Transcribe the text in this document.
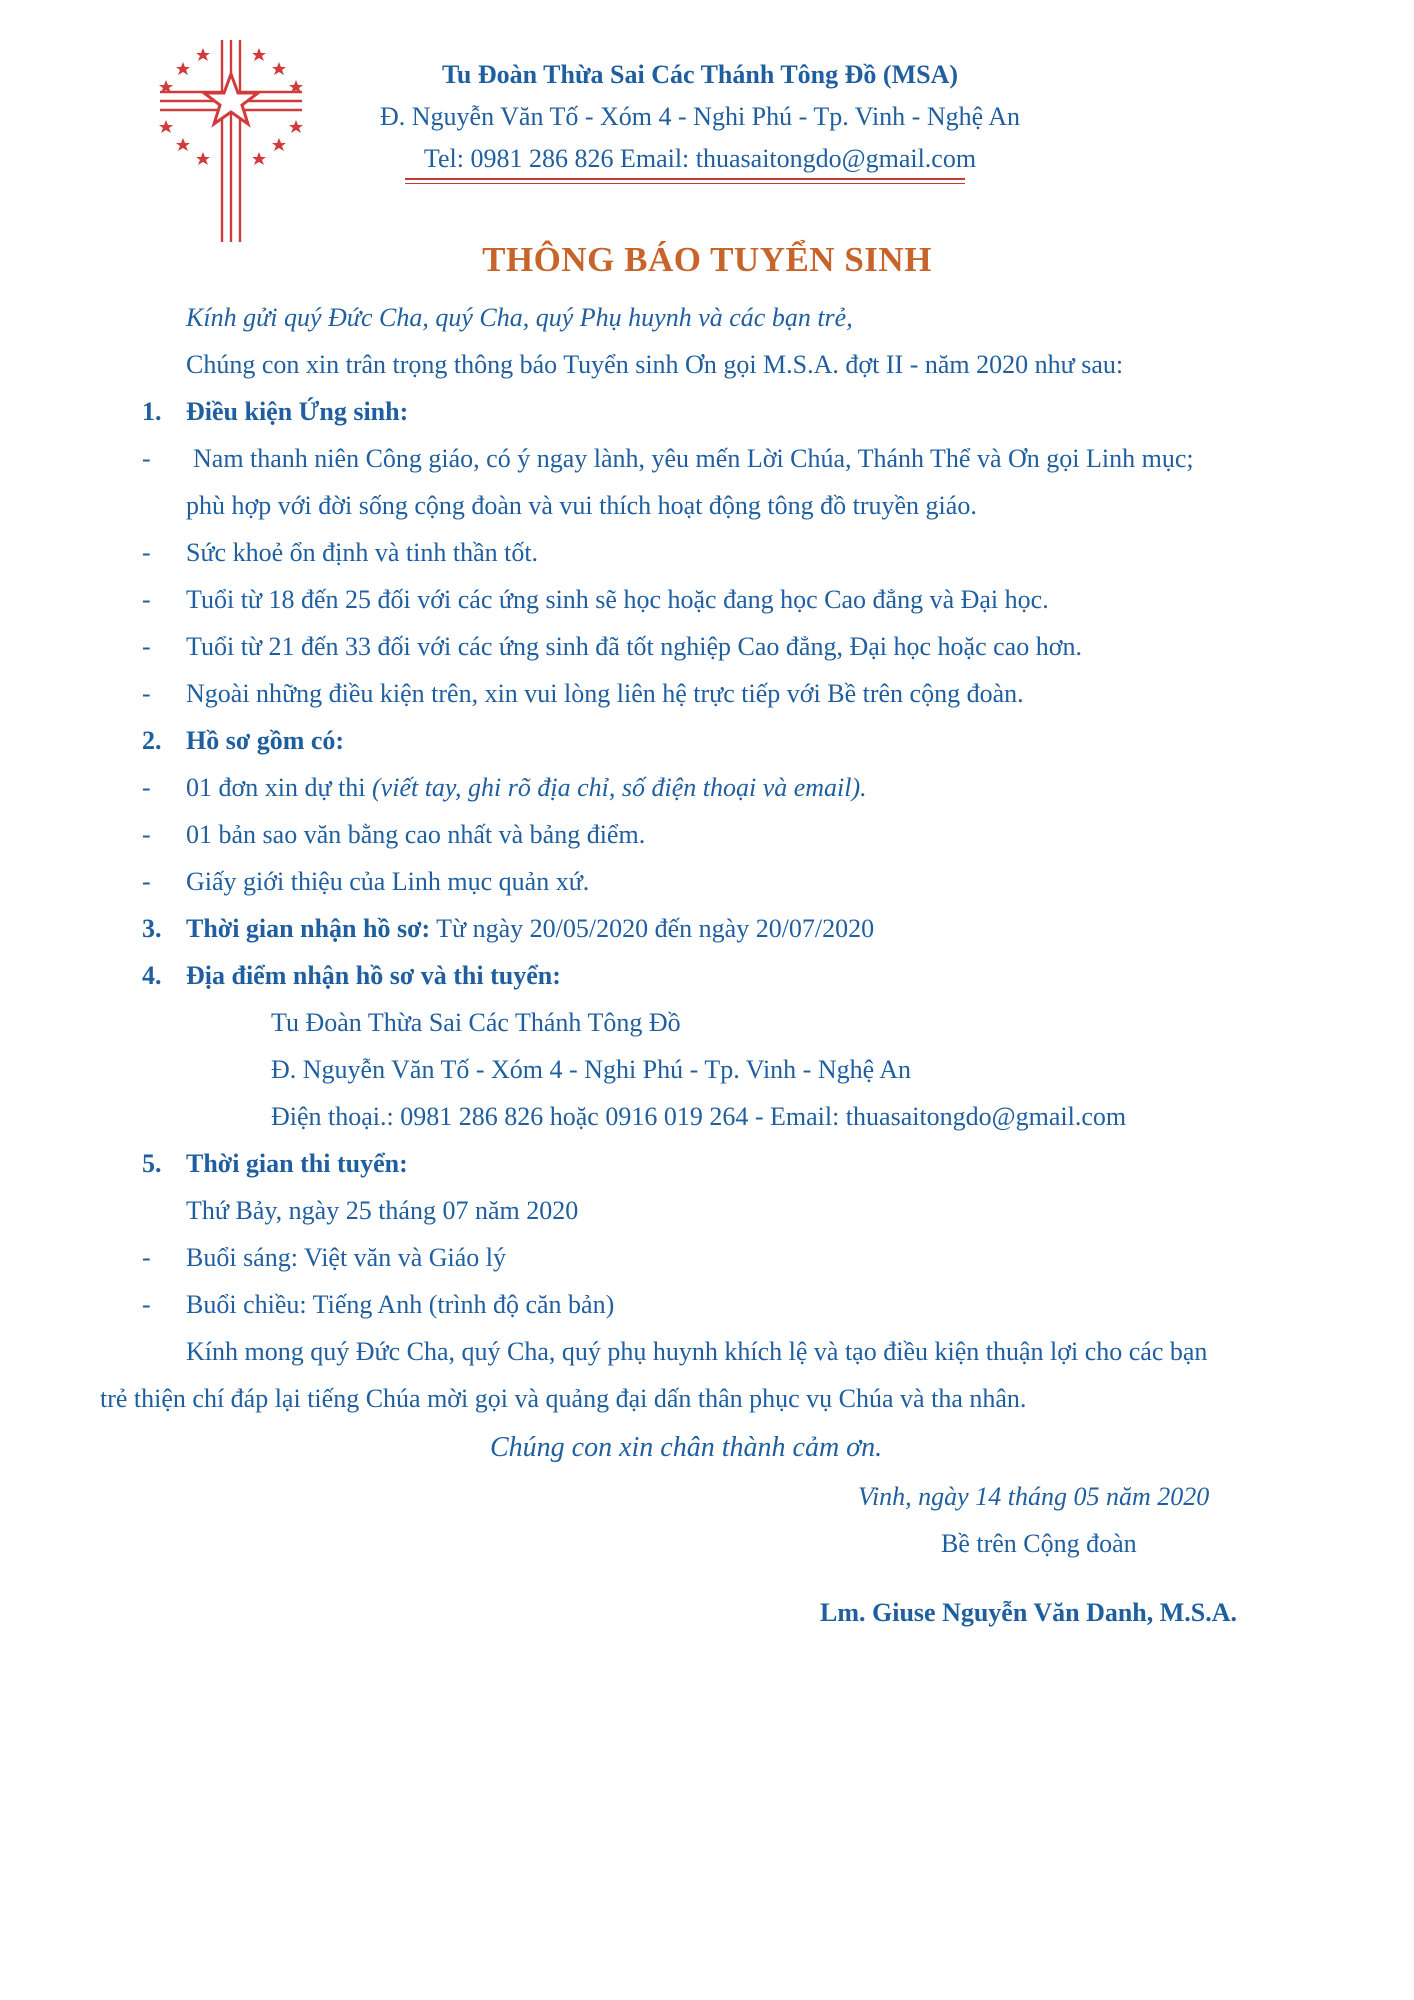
Tu Đoàn Thừa Sai Các Thánh Tông Đồ (MSA)
Đ. Nguyễn Văn Tố - Xóm 4 - Nghi Phú - Tp. Vinh - Nghệ An
Tel: 0981 286 826 Email: thuasaitongdo@gmail.com
THÔNG BÁO TUYỂN SINH
Kính gửi quý Đức Cha, quý Cha, quý Phụ huynh và các bạn trẻ,
Chúng con xin trân trọng thông báo Tuyển sinh Ơn gọi M.S.A. đợt II - năm 2020 như sau:
1. Điều kiện Ứng sinh:
- Nam thanh niên Công giáo, có ý ngay lành, yêu mến Lời Chúa, Thánh Thể và Ơn gọi Linh mục;
phù hợp với đời sống cộng đoàn và vui thích hoạt động tông đồ truyền giáo.
- Sức khoẻ ổn định và tinh thần tốt.
- Tuổi từ 18 đến 25 đối với các ứng sinh sẽ học hoặc đang học Cao đẳng và Đại học.
- Tuổi từ 21 đến 33 đối với các ứng sinh đã tốt nghiệp Cao đẳng, Đại học hoặc cao hơn.
- Ngoài những điều kiện trên, xin vui lòng liên hệ trực tiếp với Bề trên cộng đoàn.
2. Hồ sơ gồm có:
- 01 đơn xin dự thi (viết tay, ghi rõ địa chỉ, số điện thoại và email).
- 01 bản sao văn bằng cao nhất và bảng điểm.
- Giấy giới thiệu của Linh mục quản xứ.
3. Thời gian nhận hồ sơ: Từ ngày 20/05/2020 đến ngày 20/07/2020
4. Địa điểm nhận hồ sơ và thi tuyển:
Tu Đoàn Thừa Sai Các Thánh Tông Đồ
Đ. Nguyễn Văn Tố - Xóm 4 - Nghi Phú - Tp. Vinh - Nghệ An
Điện thoại.: 0981 286 826 hoặc 0916 019 264 - Email: thuasaitongdo@gmail.com
5. Thời gian thi tuyển:
Thứ Bảy, ngày 25 tháng 07 năm 2020
- Buổi sáng: Việt văn và Giáo lý
- Buổi chiều: Tiếng Anh (trình độ căn bản)
Kính mong quý Đức Cha, quý Cha, quý phụ huynh khích lệ và tạo điều kiện thuận lợi cho các bạn
trẻ thiện chí đáp lại tiếng Chúa mời gọi và quảng đại dấn thân phục vụ Chúa và tha nhân.
Chúng con xin chân thành cảm ơn.
Vinh, ngày 14 tháng 05 năm 2020
Bề trên Cộng đoàn
Lm. Giuse Nguyễn Văn Danh, M.S.A.
